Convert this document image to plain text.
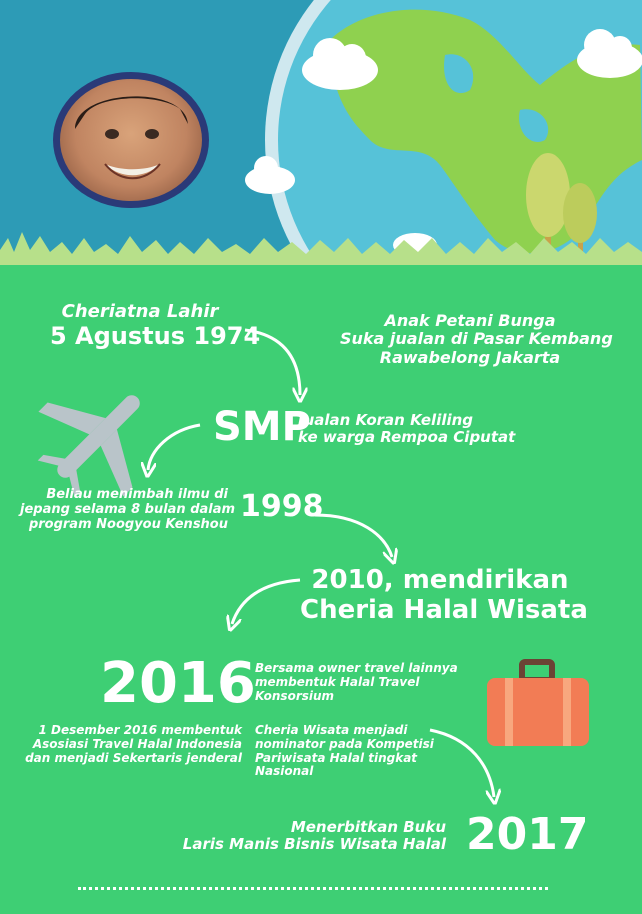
Cheriatna Lahir
5 Agustus 1974
Anak Petani Bunga
Suka jualan di Pasar Kembang
Rawabelong Jakarta
SMP
Jualan Koran Keliling
ke warga Rempoa Ciputat
Beliau menimbah ilmu di
jepang selama 8 bulan dalam
program Noogyou Kenshou
1998
2010, mendirikan
Cheria Halal Wisata
2016 Bersama owner travel lainnya
membentuk Halal Travel
Konsorsium
1 Desember 2016 membentuk
Asosiasi Travel Halal Indonesia
dan menjadi Sekertaris jenderal
Cheria Wisata menjadi
nominator pada Kompetisi
Pariwisata Halal tingkat
Nasional
Menerbitkan Buku
Laris Manis Bisnis Wisata Halal 2017
